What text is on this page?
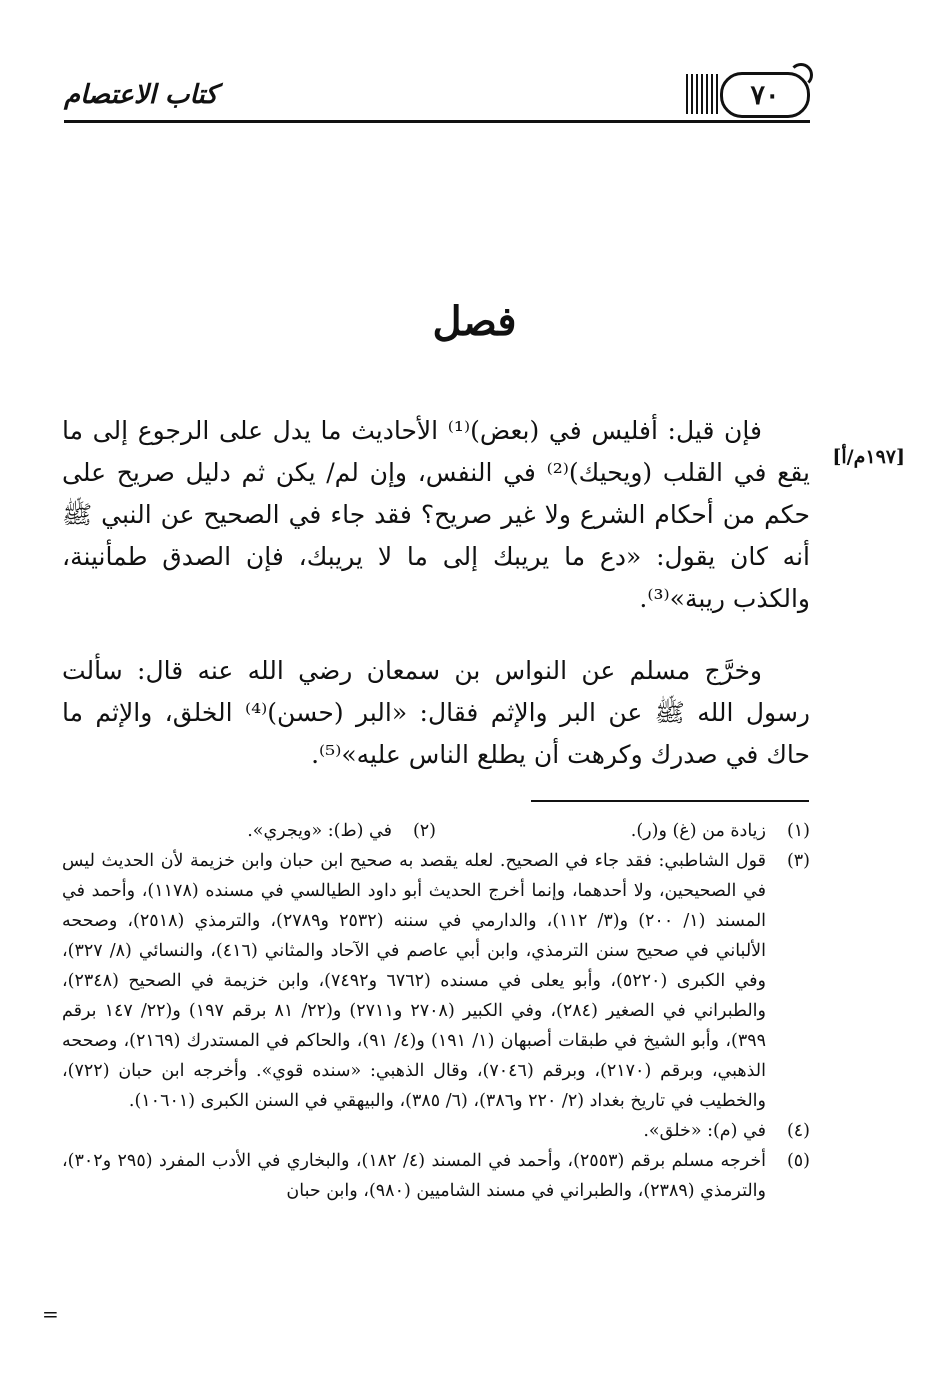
٧٠
كتاب الاعتصام
فصل
[١٩٧م/أ]

فإن قيل: أفليس في (بعض)⁽¹⁾ الأحاديث ما يدل على الرجوع إلى ما يقع في القلب (ويحيك)⁽²⁾ في النفس، وإن لم/ يكن ثم دليل صريح على حكم من أحكام الشرع ولا غير صريح؟ فقد جاء في الصحيح عن النبي ﷺ أنه كان يقول: «دع ما يريبك إلى ما لا يريبك، فإن الصدق طمأنينة، والكذب ريبة»⁽³⁾.

وخرَّج مسلم عن النواس بن سمعان رضي الله عنه قال: سألت رسول الله ﷺ عن البر والإثم فقال: «البر (حسن)⁽⁴⁾ الخلق، والإثم ما حاك في صدرك وكرهت أن يطلع الناس عليه»⁽⁵⁾.

(١)
زيادة من (غ) و(ر).
(٢)
في (ط): «ويجري».
(٣)
قول الشاطبي: فقد جاء في الصحيح. لعله يقصد به صحيح ابن حبان وابن خزيمة لأن الحديث ليس في الصحيحين، ولا أحدهما، وإنما أخرج الحديث أبو داود الطيالسي في مسنده (١١٧٨)، وأحمد في المسند (١/ ٢٠٠) و(٣/ ١١٢)، والدارمي في سننه (٢٥٣٢ و٢٧٨٩)، والترمذي (٢٥١٨)، وصححه الألباني في صحيح سنن الترمذي، وابن أبي عاصم في الآحاد والمثاني (٤١٦)، والنسائي (٨/ ٣٢٧)، وفي الكبرى (٥٢٢٠)، وأبو يعلى في مسنده (٦٧٦٢ و٧٤٩٢)، وابن خزيمة في الصحيح (٢٣٤٨)، والطبراني في الصغير (٢٨٤)، وفي الكبير (٢٧٠٨ و٢٧١١) و(٢٢/ ٨١ برقم ١٩٧) و(٢٢/ ١٤٧ برقم ٣٩٩)، وأبو الشيخ في طبقات أصبهان (١/ ١٩١) و(٤/ ٩١)، والحاكم في المستدرك (٢١٦٩)، وصححه الذهبي، وبرقم (٢١٧٠)، وبرقم (٧٠٤٦)، وقال الذهبي: «سنده قوي». وأخرجه ابن حبان (٧٢٢)، والخطيب في تاريخ بغداد (٢/ ٢٢٠ و٣٨٦)، (٦/ ٣٨٥)، والبيهقي في السنن الكبرى (١٠٦٠١).
(٤)
في (م): «خلق».
(٥)
أخرجه مسلم برقم (٢٥٥٣)، وأحمد في المسند (٤/ ١٨٢)، والبخاري في الأدب المفرد (٢٩٥ و٣٠٢)، والترمذي (٢٣٨٩)، والطبراني في مسند الشاميين (٩٨٠)، وابن حبان
=
